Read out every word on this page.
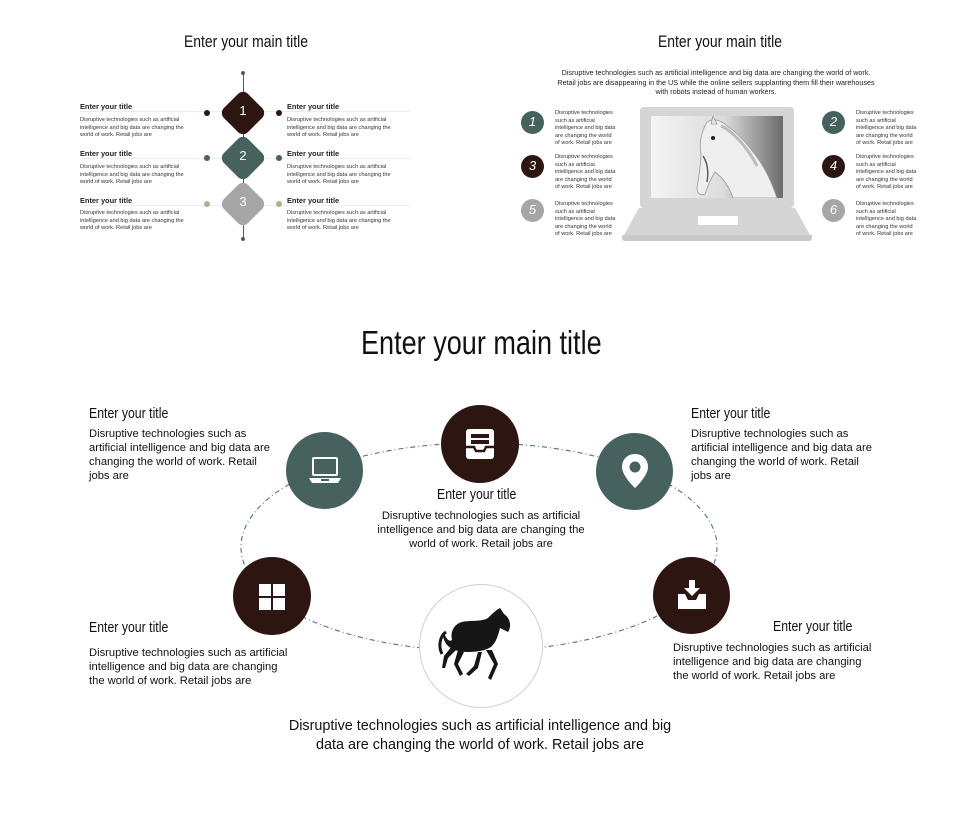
Enter your main title
1
2
3
Enter your title
Disruptive technologies such as artificial intelligence and big data are changing the world of work. Retail jobs are
Enter your title
Disruptive technologies such as artificial intelligence and big data are changing the world of work. Retail jobs are
Enter your title
Disruptive technologies such as artificial intelligence and big data are changing the world of work. Retail jobs are
Enter your title
Disruptive technologies such as artificial intelligence and big data are changing the world of work. Retail jobs are
Enter your title
Disruptive technologies such as artificial intelligence and big data are changing the world of work. Retail jobs are
Enter your title
Disruptive technologies such as artificial intelligence and big data are changing the world of work. Retail jobs are
Enter your main title
Disruptive technologies such as artificial intelligence and big data are changing the world of work. Retail jobs are disappearing in the US while the online sellers supplanting them fill their warehouses with robots instead of human workers.
1
Disruptive technologies such as artificial intelligence and big data are changing the world of work. Retail jobs are
3
Disruptive technologies such as artificial intelligence and big data are changing the world of work. Retail jobs are
5	Disruptive technologies such as artificial intelligence and big data are changing the world of work. Retail jobs are
2
Disruptive technologies such as artificial intelligence and big data are changing the world of work. Retail jobs are
4
Disruptive technologies such as artificial intelligence and big data are changing the world of work. Retail jobs are
6	Disruptive technologies such as artificial intelligence and big data are changing the world of work. Retail jobs are
Enter your main title
Enter your title
Disruptive technologies such as artificial intelligence and big data are changing the world of work. Retail jobs are
Enter your title
Disruptive technologies such as artificial intelligence and big data are changing the world of work. Retail jobs are
Enter your title
Disruptive technologies such as artificial intelligence and big data are changing the world of work. Retail jobs are
Enter your title
Disruptive technologies such as artificial intelligence and big data are changing the world of work. Retail jobs are
Enter your title
Disruptive technologies such as artificial intelligence and big data are changing the world of work. Retail jobs are
Disruptive technologies such as artificial intelligence and big data are changing the world of work. Retail jobs are
